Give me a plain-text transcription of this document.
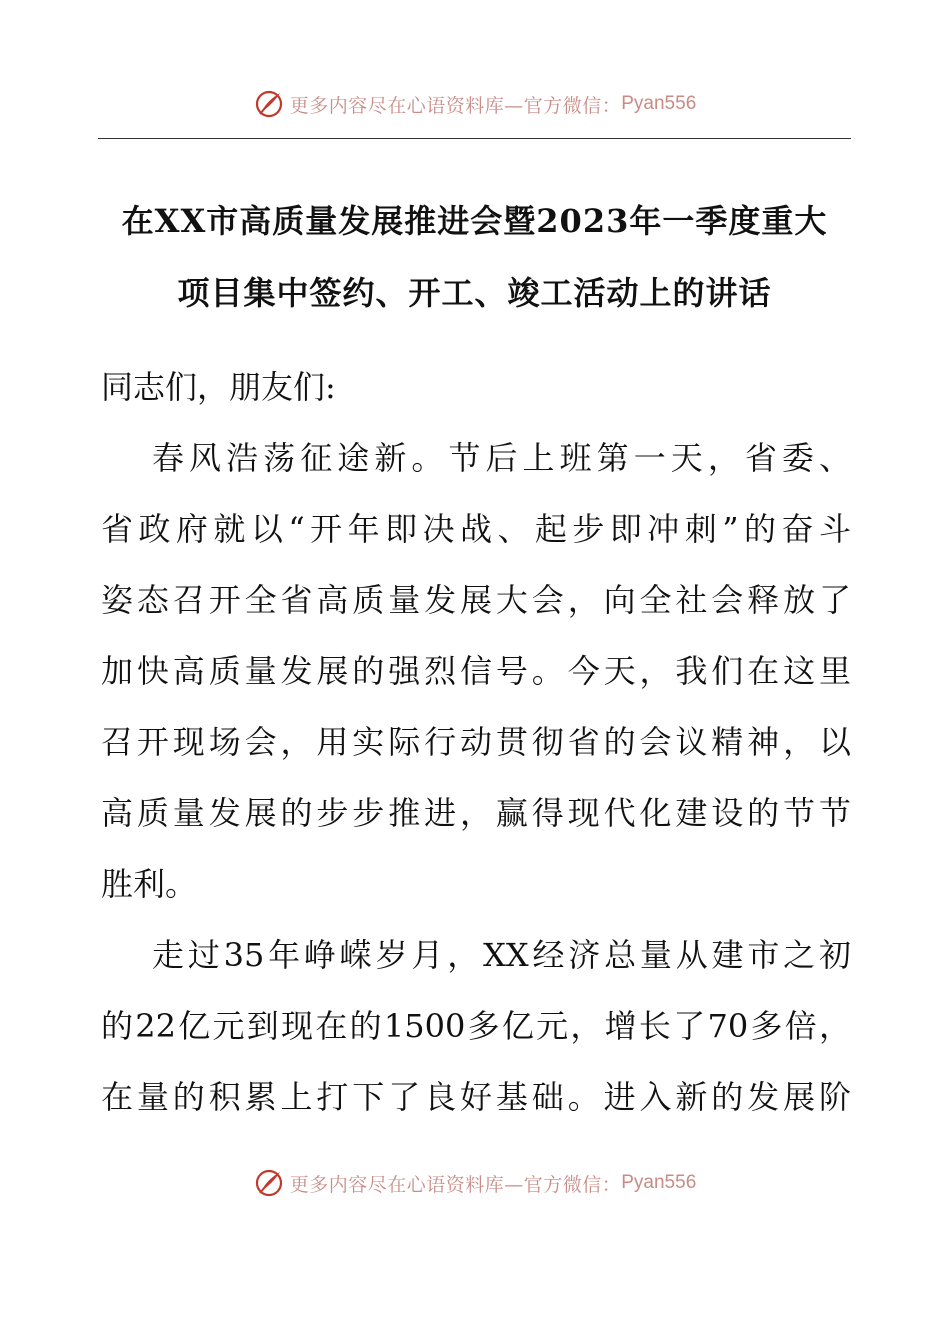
更多内容尽在心语资料库—官方微信： Pyan556
在XX市高质量发展推进会暨2023年一季度重大
项目集中签约、开工、竣工活动上的讲话
同志们，朋友们:
春风浩荡征途新。节后上班第一天，省委、
省政府就以“开年即决战、起步即冲刺”的奋斗
姿态召开全省高质量发展大会，向全社会释放了
加快高质量发展的强烈信号。今天，我们在这里
召开现场会，用实际行动贯彻省的会议精神，以
高质量发展的步步推进，赢得现代化建设的节节
胜利。
走过35年峥嵘岁月，XX经济总量从建市之初
的22亿元到现在的1500多亿元，增长了70多倍，
在量的积累上打下了良好基础。进入新的发展阶
更多内容尽在心语资料库—官方微信： Pyan556
